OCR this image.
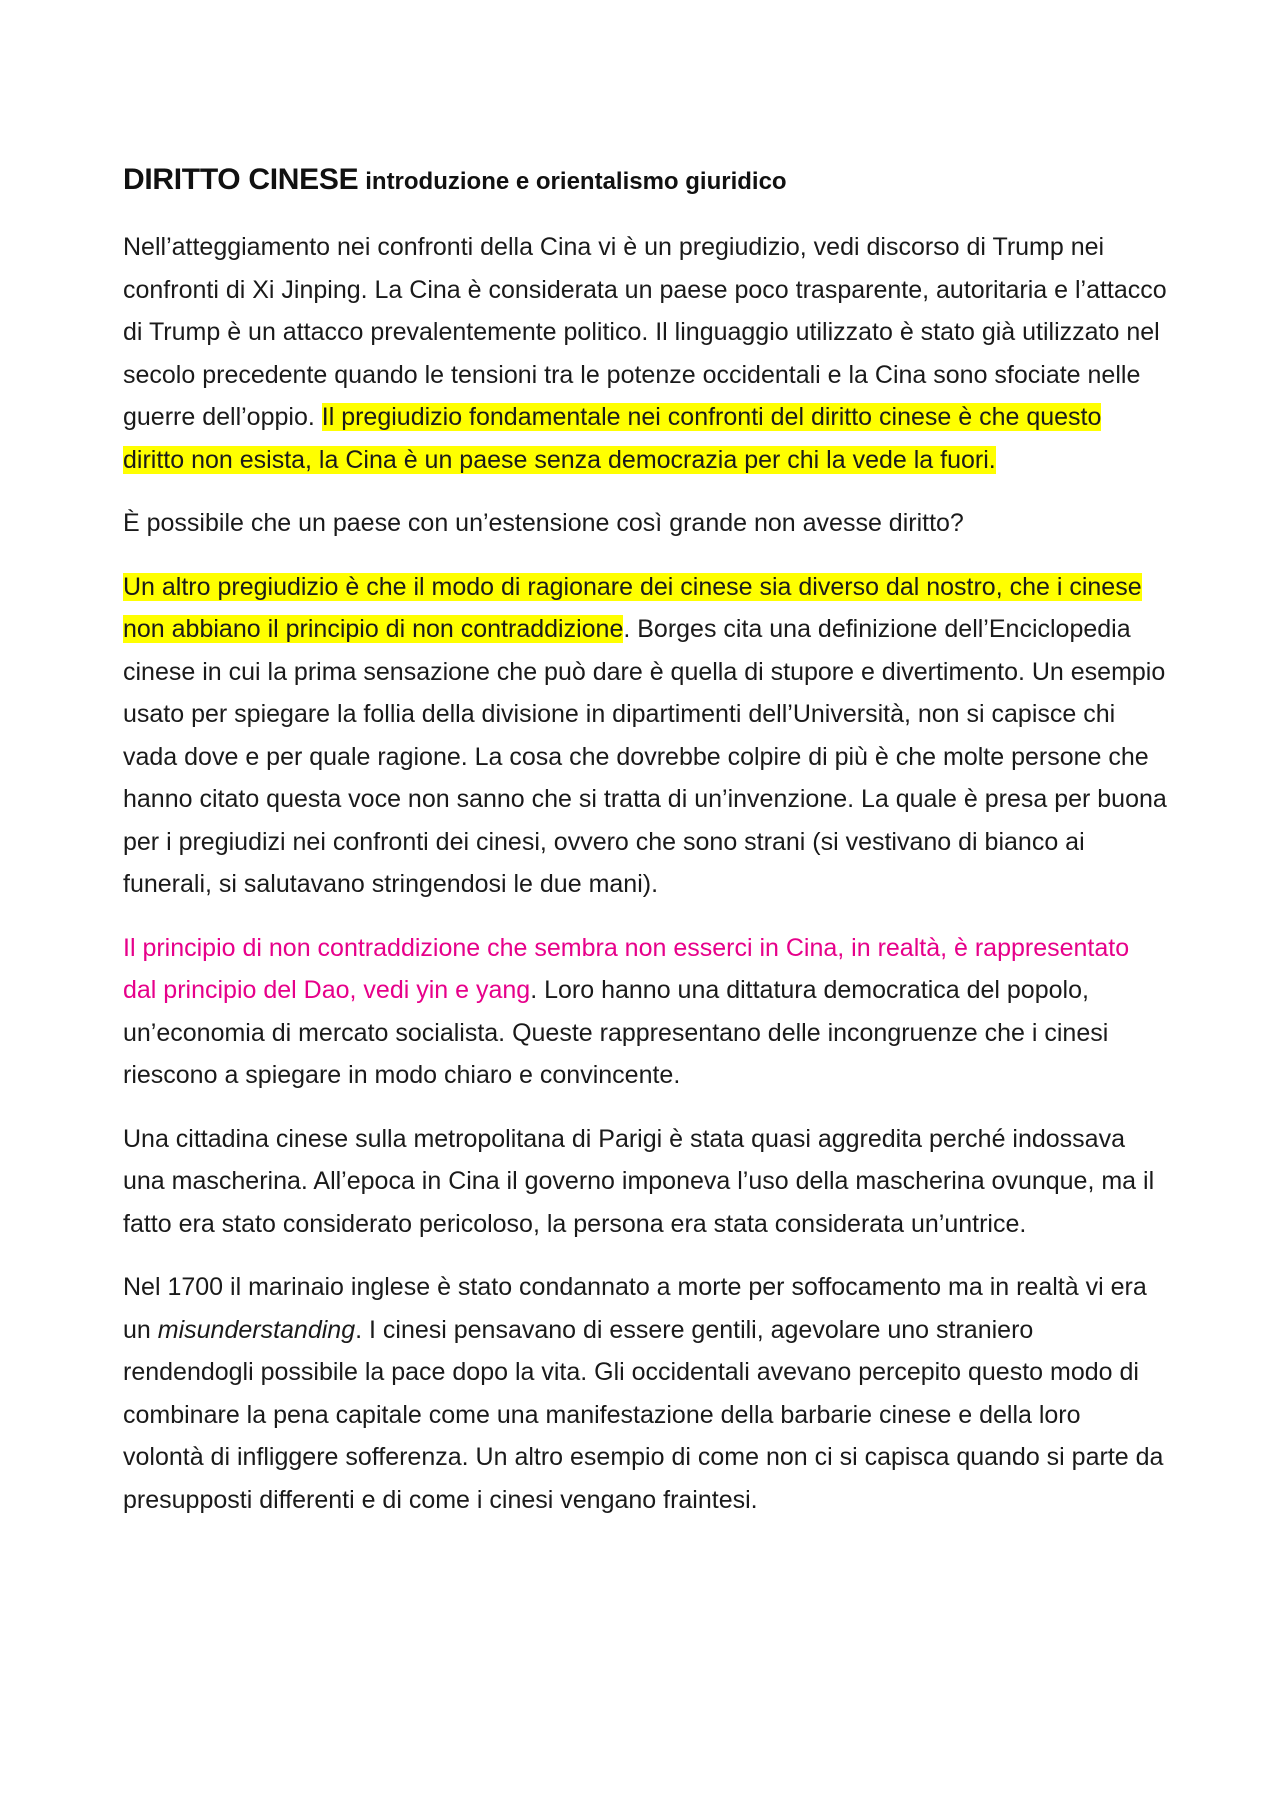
DIRITTO CINESE introduzione e orientalismo giuridico

Nell’atteggiamento nei confronti della Cina vi è un pregiudizio, vedi discorso di Trump nei confronti di Xi Jinping. La Cina è considerata un paese poco trasparente, autoritaria e l’attacco di Trump è un attacco prevalentemente politico. Il linguaggio utilizzato è stato già utilizzato nel secolo precedente quando le tensioni tra le potenze occidentali e la Cina sono sfociate nelle guerre dell’oppio. Il pregiudizio fondamentale nei confronti del diritto cinese è che questo diritto non esista, la Cina è un paese senza democrazia per chi la vede la fuori.

È possibile che un paese con un’estensione così grande non avesse diritto?

Un altro pregiudizio è che il modo di ragionare dei cinese sia diverso dal nostro, che i cinese non abbiano il principio di non contraddizione. Borges cita una definizione dell’Enciclopedia cinese in cui la prima sensazione che può dare è quella di stupore e divertimento. Un esempio usato per spiegare la follia della divisione in dipartimenti dell’Università, non si capisce chi vada dove e per quale ragione. La cosa che dovrebbe colpire di più è che molte persone che hanno citato questa voce non sanno che si tratta di un’invenzione. La quale è presa per buona per i pregiudizi nei confronti dei cinesi, ovvero che sono strani (si vestivano di bianco ai funerali, si salutavano stringendosi le due mani).

Il principio di non contraddizione che sembra non esserci in Cina, in realtà, è rappresentato dal principio del Dao, vedi yin e yang. Loro hanno una dittatura democratica del popolo, un’economia di mercato socialista. Queste rappresentano delle incongruenze che i cinesi riescono a spiegare in modo chiaro e convincente.

Una cittadina cinese sulla metropolitana di Parigi è stata quasi aggredita perché indossava una mascherina. All’epoca in Cina il governo imponeva l’uso della mascherina ovunque, ma il fatto era stato considerato pericoloso, la persona era stata considerata un’untrice.

Nel 1700 il marinaio inglese è stato condannato a morte per soffocamento ma in realtà vi era un misunderstanding. I cinesi pensavano di essere gentili, agevolare uno straniero rendendogli possibile la pace dopo la vita. Gli occidentali avevano percepito questo modo di combinare la pena capitale come una manifestazione della barbarie cinese e della loro volontà di infliggere sofferenza. Un altro esempio di come non ci si capisca quando si parte da presupposti differenti e di come i cinesi vengano fraintesi.
